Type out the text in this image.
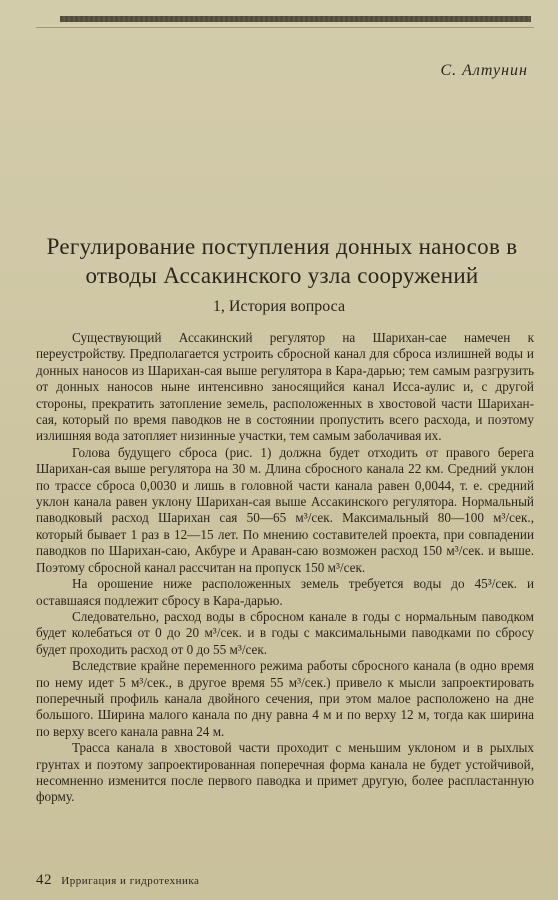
С. Алтунин
Регулирование поступления донных наносов в отводы Ассакинского узла сооружений
1, История вопроса

Существующий Ассакинский регулятор на Шарихан-сае намечен к переустройству. Предполагается устроить сбросной канал для сброса излишней воды и донных наносов из Шарихан-сая выше регулятора в Кара-дарью; тем самым разгрузить от донных наносов ныне интенсивно заносящийся канал Исса-аулис и, с другой стороны, прекратить затопление земель, расположенных в хвостовой части Шарихан-сая, который по время паводков не в состоянии пропустить всего расхода, и поэтому излишняя вода затопляет низинные участки, тем самым заболачивая их.

Голова будущего сброса (рис. 1) должна будет отходить от правого берега Шарихан-сая выше регулятора на 30 м. Длина сбросного канала 22 км. Средний уклон по трассе сброса 0,0030 и лишь в головной части канала равен 0,0044, т. е. средний уклон канала равен уклону Шарихан-сая выше Ассакинского регулятора. Нормальный паводковый расход Шарихан сая 50—65 м³/сек. Максимальный 80—100 м³/сек., который бывает 1 раз в 12—15 лет. По мнению составителей проекта, при совпадении паводков по Шарихан-саю, Акбуре и Араван-саю возможен расход 150 м³/сек. и выше. Поэтому сбросной канал рассчитан на пропуск 150 м³/сек.

На орошение ниже расположенных земель требуется воды до 45³/сек. и оставшаяся подлежит сбросу в Кара-дарью.

Следовательно, расход воды в сбросном канале в годы с нормальным паводком будет колебаться от 0 до 20 м³/сек. и в годы с максимальными паводками по сбросу будет проходить расход от 0 до 55 м³/сек.

Вследствие крайне переменного режима работы сбросного канала (в одно время по нему идет 5 м³/сек., в другое время 55 м³/сек.) привело к мысли запроектировать поперечный профиль канала двойного сечения, при этом малое расположено на дне большого. Ширина малого канала по дну равна 4 м и по верху 12 м, тогда как ширина по верху всего канала равна 24 м.

Трасса канала в хвостовой части проходит с меньшим уклоном и в рыхлых грунтах и поэтому запроектированная поперечная форма канала не будет устойчивой, несомненно изменится после первого паводка и примет другую, более распластанную форму.

42 Ирригация и гидротехника
